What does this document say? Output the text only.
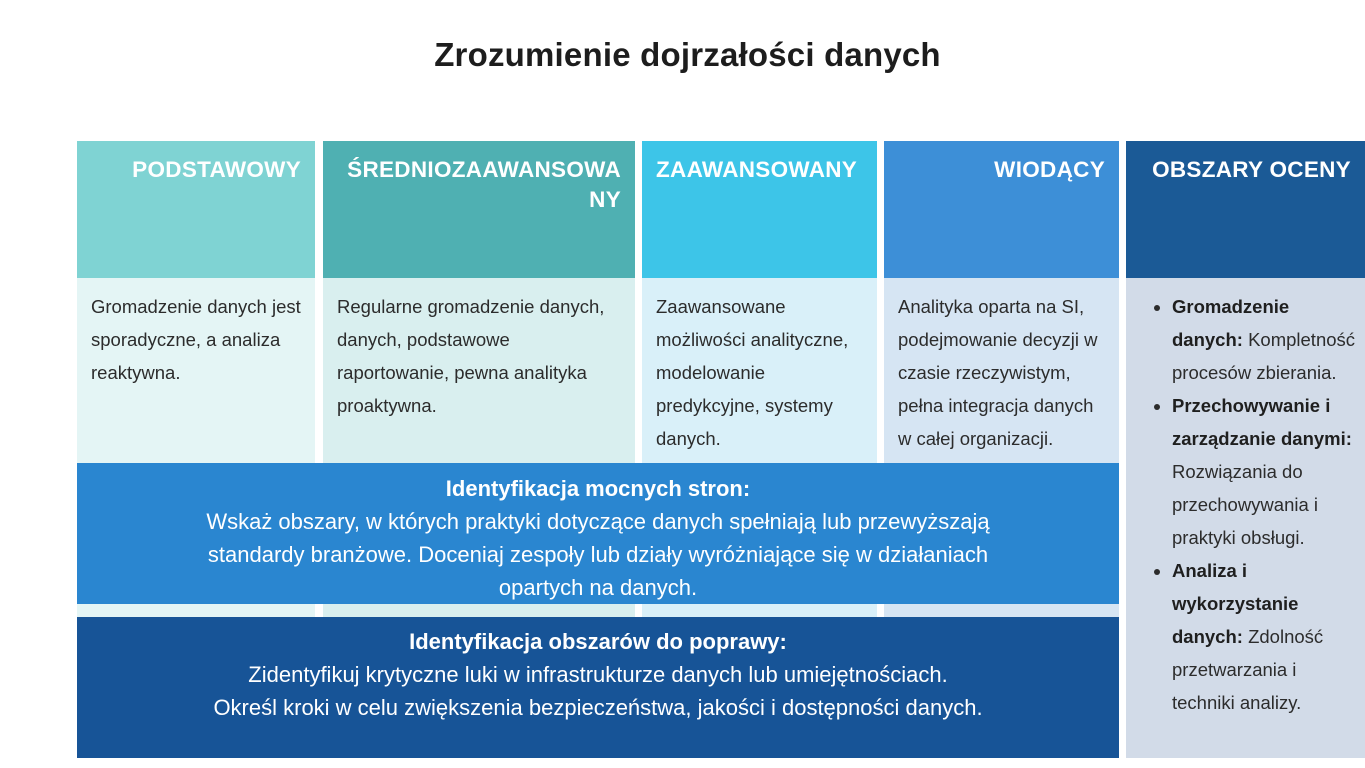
Zrozumienie dojrzałości danych
PODSTAWOWY
Gromadzenie danych jest sporadyczne, a analiza reaktywna.
ŚREDNIOZAAWANSOWANY
Regularne gromadzenie danych, danych, podstawowe raportowanie, pewna analityka proaktywna.
ZAAWANSOWANY
Zaawansowane możliwości analityczne, modelowanie predykcyjne, systemy danych.
WIODĄCY
Analityka oparta na SI, podejmowanie decyzji w czasie rzeczywistym, pełna integracja danych w całej organizacji.
OBSZARY OCENY
• Gromadzenie danych: Kompletność procesów zbierania.
• Przechowywanie i zarządzanie danymi: Rozwiązania do przechowywania i praktyki obsługi.
• Analiza i wykorzystanie danych: Zdolność przetwarzania i techniki analizy.
Identyfikacja mocnych stron:
Wskaż obszary, w których praktyki dotyczące danych spełniają lub przewyższają
standardy branżowe. Doceniaj zespoły lub działy wyróżniające się w działaniach
opartych na danych.
Identyfikacja obszarów do poprawy:
Zidentyfikuj krytyczne luki w infrastrukturze danych lub umiejętnościach.
Określ kroki w celu zwiększenia bezpieczeństwa, jakości i dostępności danych.
